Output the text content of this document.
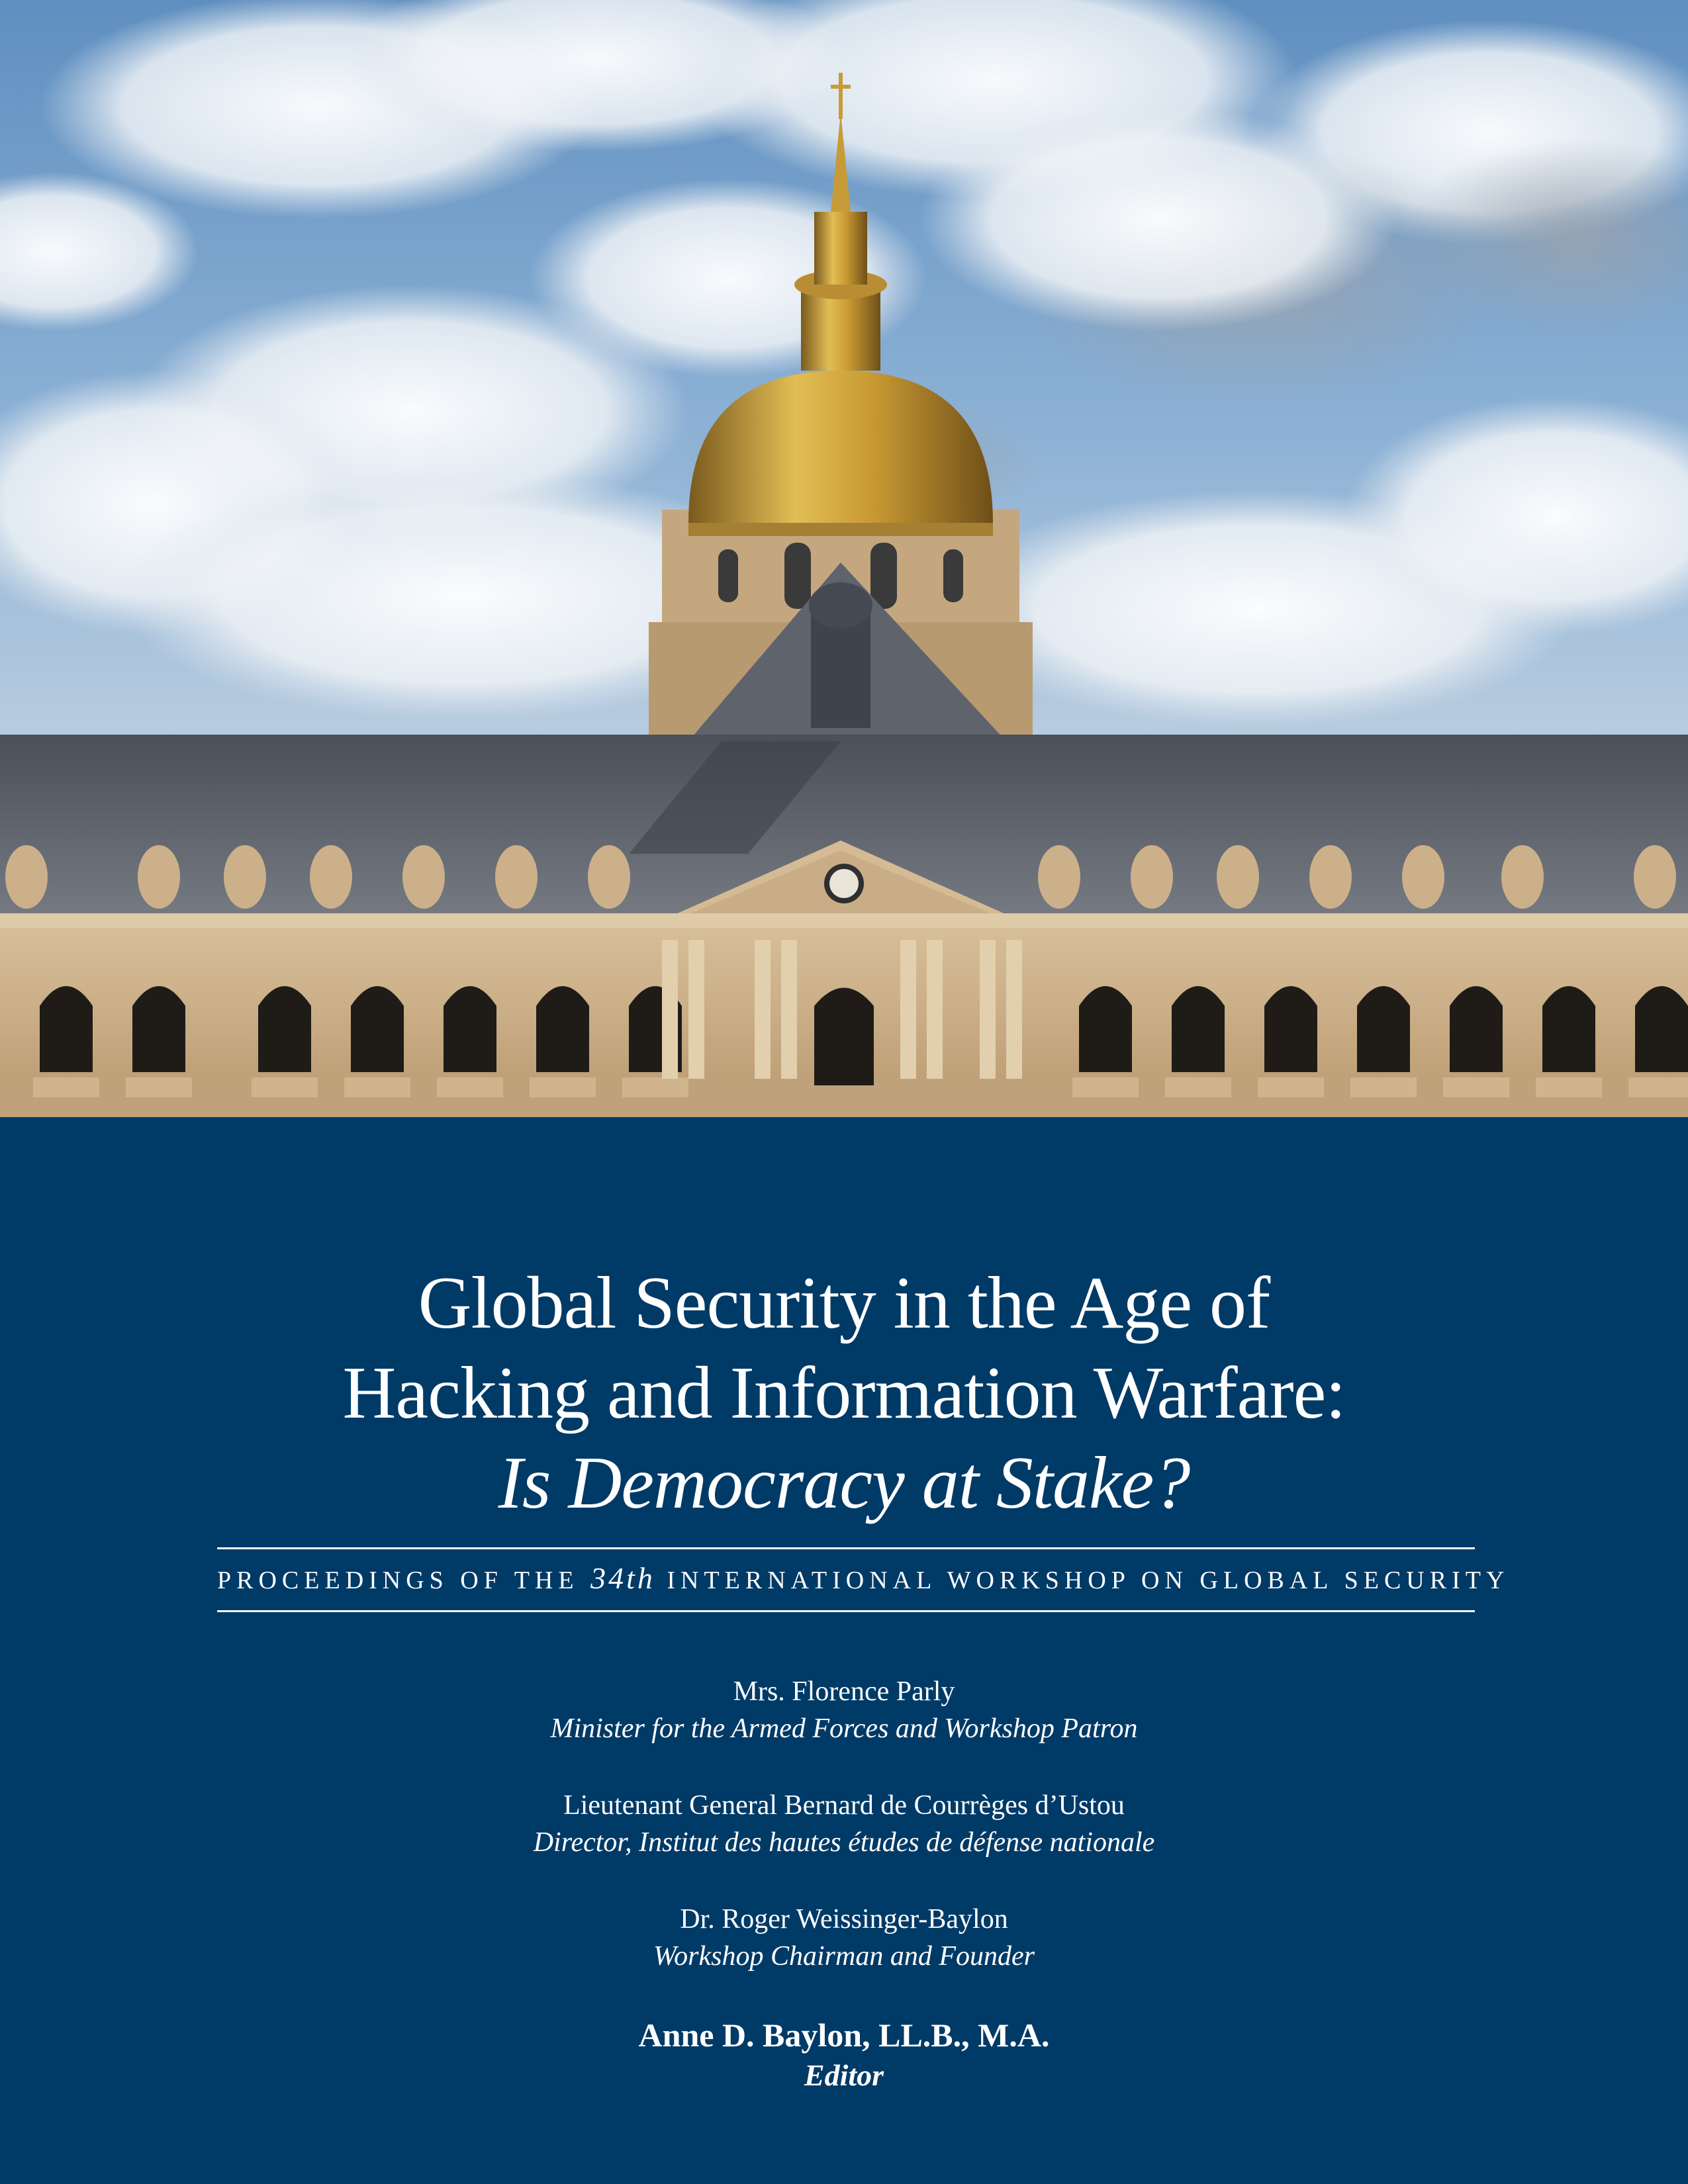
Global Security in the Age of
Hacking and Information Warfare:
Is Democracy at Stake?
PROCEEDINGS OF THE 34th INTERNATIONAL WORKSHOP ON GLOBAL SECURITY
Mrs. Florence Parly
Minister for the Armed Forces and Workshop Patron
Lieutenant General Bernard de Courrèges d’Ustou
Director, Institut des hautes études de défense nationale
Dr. Roger Weissinger-Baylon
Workshop Chairman and Founder
Anne D. Baylon, LL.B., M.A.
Editor
